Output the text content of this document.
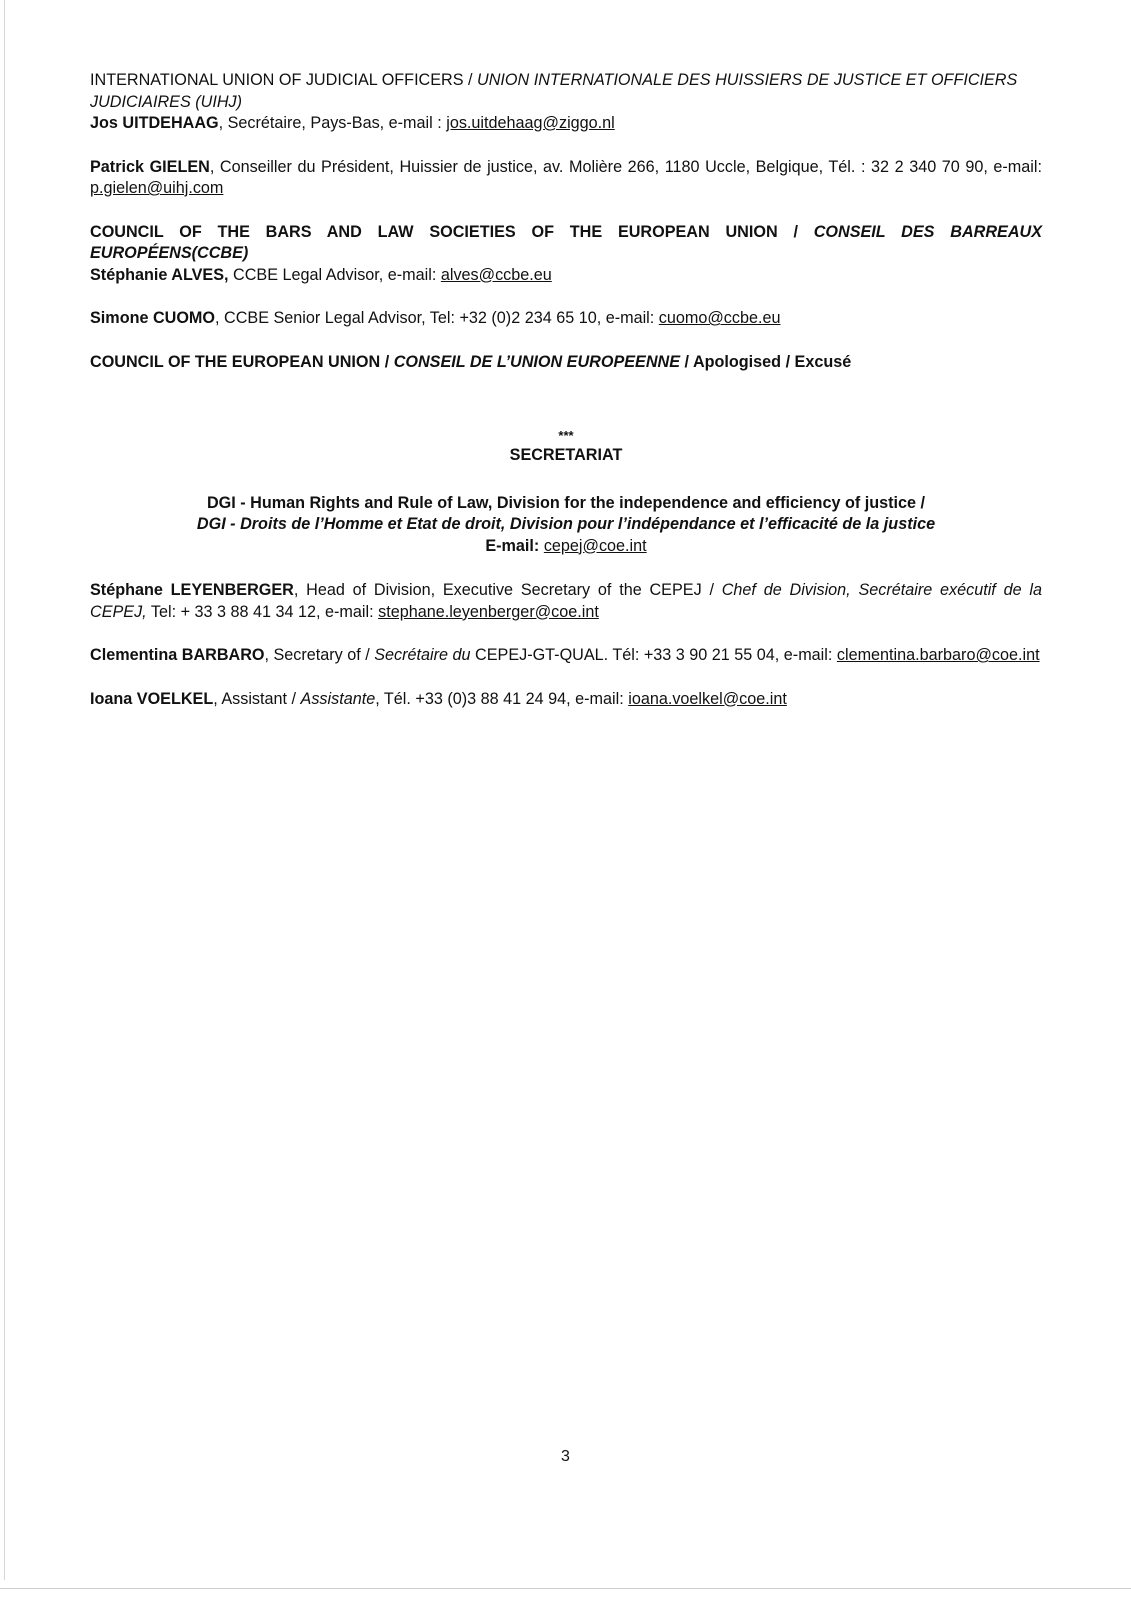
INTERNATIONAL UNION OF JUDICIAL OFFICERS / UNION INTERNATIONALE DES HUISSIERS DE JUSTICE ET OFFICIERS JUDICIAIRES (UIHJ)
Jos UITDEHAAG, Secrétaire, Pays-Bas, e-mail : jos.uitdehaag@ziggo.nl
Patrick GIELEN, Conseiller du Président, Huissier de justice, av. Molière 266, 1180 Uccle, Belgique, Tél. : 32 2 340 70 90, e-mail: p.gielen@uihj.com
COUNCIL OF THE BARS AND LAW SOCIETIES OF THE EUROPEAN UNION / CONSEIL DES BARREAUX EUROPÉENS(CCBE)
Stéphanie ALVES, CCBE Legal Advisor, e-mail: alves@ccbe.eu
Simone CUOMO, CCBE Senior Legal Advisor, Tel: +32 (0)2 234 65 10, e-mail: cuomo@ccbe.eu
COUNCIL OF THE EUROPEAN UNION / CONSEIL DE L’UNION EUROPEENNE / Apologised / Excusé
***
SECRETARIAT
DGI - Human Rights and Rule of Law, Division for the independence and efficiency of justice /
DGI - Droits de l’Homme et Etat de droit, Division pour l’indépendance et l’efficacité de la justice
E-mail: cepej@coe.int
Stéphane LEYENBERGER, Head of Division, Executive Secretary of the CEPEJ / Chef de Division, Secrétaire exécutif de la CEPEJ, Tel: + 33 3 88 41 34 12, e-mail: stephane.leyenberger@coe.int
Clementina BARBARO, Secretary of / Secrétaire du CEPEJ-GT-QUAL. Tél: +33 3 90 21 55 04, e-mail: clementina.barbaro@coe.int
Ioana VOELKEL, Assistant / Assistante, Tél. +33 (0)3 88 41 24 94, e-mail: ioana.voelkel@coe.int
3
